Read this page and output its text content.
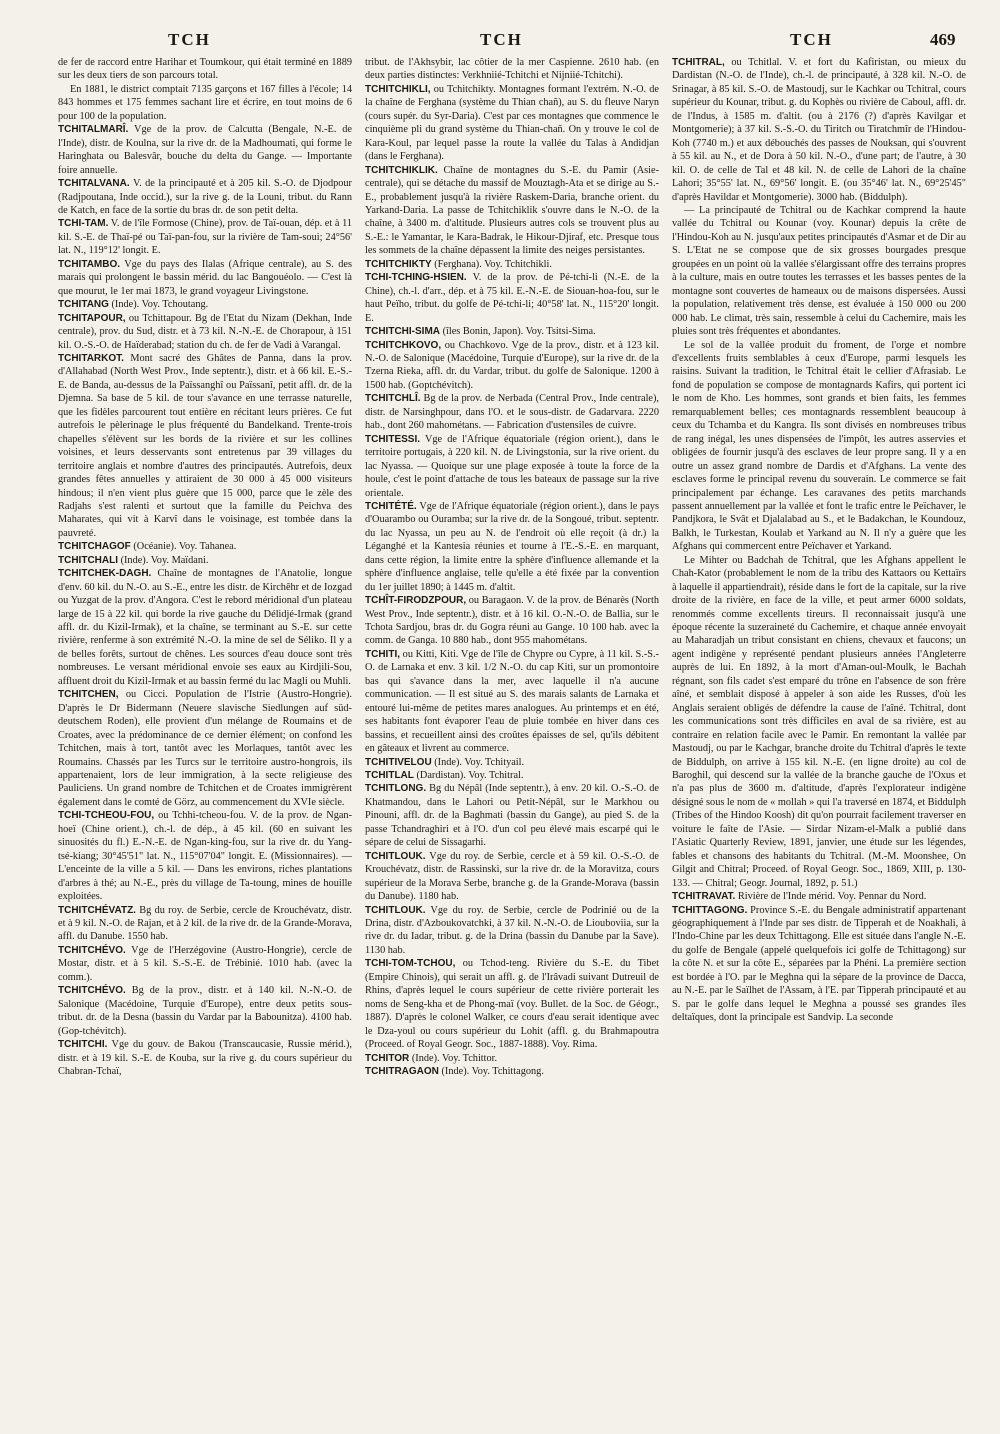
TCH	TCH	TCH	469

de fer de raccord entre Harihar et Toumkour, qui était terminé en 1889 sur les deux tiers de son parcours total.

En 1881, le district comptait 7135 garçons et 167 filles à l'école; 14 843 hommes et 175 femmes sachant lire et écrire, en tout moins de 6 pour 100 de la population.

TCHITALMARÎ. Vge de la prov. de Calcutta (Bengale, N.-E. de l'Inde), distr. de Koulna, sur la rive dr. de la Madhoumati, qui forme le Haringhata ou Balesvâr, bouche du delta du Gange. — Importante foire annuelle.

TCHITALVANA. V. de la principauté et à 205 kil. S.-O. de Djodpour (Radjpoutana, Inde occid.), sur la rive g. de la Louni, tribut. du Rann de Katch, en face de la sortie du bras dr. de son petit delta.

TCHI-TAM. V. de l'île Formose (Chine), prov. de Taï-ouan, dép. et à 11 kil. S.-E. de Thaï-pé ou Taï-pan-fou, sur la rivière de Tam-soui; 24°56' lat. N., 119°12' longit. E.

TCHITAMBO. Vge du pays des Ilalas (Afrique centrale), au S. des marais qui prolongent le bassin mérid. du lac Bangouéolo. — C'est là que mourut, le 1er mai 1873, le grand voyageur Livingstone.

TCHITANG (Inde). Voy. Tchoutang.

TCHITAPOUR, ou Tchittapour. Bg de l'Etat du Nizam (Dekhan, Inde centrale), prov. du Sud, distr. et à 73 kil. N.-N.-E. de Chorapour, à 151 kil. O.-S.-O. de Haïderabad; station du ch. de fer de Vadi à Varangal.

TCHITARKOT. Mont sacré des Ghâtes de Panna, dans la prov. d'Allahabad (North West Prov., Inde septentr.), distr. et à 66 kil. E.-S.-E. de Banda, au-dessus de la Païssanghî ou Païssanî, petit affl. dr. de la Djemna. Sa base de 5 kil. de tour s'avance en une terrasse naturelle, que les fidèles parcourent tout entière en récitant leurs prières. Ce fut autrefois le pèlerinage le plus fréquenté du Bandelkand. Trente-trois chapelles s'élèvent sur les bords de la rivière et sur les collines voisines, et leurs desservants sont entretenus par 39 villages du territoire anglais et nombre d'autres des principautés. Autrefois, deux grandes fêtes annuelles y attiraient de 30 000 à 45 000 visiteurs hindous; il n'en vient plus guère que 15 000, parce que le zèle des Radjahs s'est ralenti et surtout que la famille du Peichva des Maharates, qui vit à Karvî dans le voisinage, est tombée dans la pauvreté.

TCHITCHAGOF (Océanie). Voy. Tahanea.

TCHITCHALI (Inde). Voy. Maïdani.

TCHITCHEK-DAGH. Chaîne de montagnes de l'Anatolie, longue d'env. 60 kil. du N.-O. au S.-E., entre les distr. de Kirchêhr et de Iozgad ou Yuzgat de la prov. d'Angora. C'est le rebord méridional d'un plateau large de 15 à 22 kil. qui borde la rive gauche du Délidjé-Irmak (grand affl. dr. du Kizil-Irmak), et la chaîne, se terminant au S.-E. sur cette rivière, renferme à son extrémité N.-O. la mine de sel de Séliko. Il y a de belles forêts, surtout de chênes. Les sources d'eau douce sont très nombreuses. Le versant méridional envoie ses eaux au Kirdjili-Sou, affluent droit du Kizil-Irmak et au bassin fermé du lac Magli ou Muhli.

TCHITCHEN, ou Cicci. Population de l'Istrie (Austro-Hongrie). D'après le Dr Bidermann (Neuere slavische Siedlungen auf süd-deutschem Roden), elle provient d'un mélange de Roumains et de Croates, avec la prédominance de ce dernier élément; on confond les Tchitchen, mais à tort, tantôt avec les Morlaques, tantôt avec les Roumains. Chassés par les Turcs sur le territoire austro-hongrois, ils appartenaient, lors de leur immigration, à la secte religieuse des Pauliciens. Un grand nombre de Tchitchen et de Croates immigrèrent également dans le comté de Görz, au commencement du XVIe siècle.

TCHI-TCHEOU-FOU, ou Tchhi-tcheou-fou. V. de la prov. de Ngan-hoeï (Chine orient.), ch.-l. de dép., à 45 kil. (60 en suivant les sinuosités du fl.) E.-N.-E. de Ngan-king-fou, sur la rive dr. du Yang-tsé-kiang; 30°45'51" lat. N., 115°07'04" longit. E. (Missionnaires). — L'enceinte de la ville a 5 kil. — Dans les environs, riches plantations d'arbres à thé; au N.-E., près du village de Ta-toung, mines de houille exploitées.

TCHITCHÉVATZ. Bg du roy. de Serbie, cercle de Krouchévatz, distr. et à 9 kil. N.-O. de Rajan, et à 2 kil. de la rive dr. de la Grande-Morava, affl. du Danube. 1550 hab.

TCHITCHÉVO. Vge de l'Herzégovine (Austro-Hongrie), cercle de Mostar, distr. et à 5 kil. S.-S.-E. de Trébinié. 1010 hab. (avec la comm.).

TCHITCHÉVO. Bg de la prov., distr. et à 140 kil. N.-N.-O. de Salonique (Macédoine, Turquie d'Europe), entre deux petits sous-tribut. dr. de la Desna (bassin du Vardar par la Babounitza). 4100 hab. (Gop-tchévitch).

TCHITCHI. Vge du gouv. de Bakou (Transcaucasie, Russie mérid.), distr. et à 19 kil. S.-E. de Kouba, sur la rive g. du cours supérieur du Chabran-Tchaï,

tribut. de l'Akhsybir, lac côtier de la mer Caspienne. 2610 hab. (en deux parties distinctes: Verkhniié-Tchitchi et Nijniié-Tchitchi).

TCHITCHIKLI, ou Tchitchikty. Montagnes formant l'extrém. N.-O. de la chaîne de Ferghana (système du Thian chañ), au S. du fleuve Naryn (cours supér. du Syr-Daria). C'est par ces montagnes que commence le cinquième pli du grand système du Thian-chañ. On y trouve le col de Kara-Koul, par lequel passe la route la vallée du Talas à Andidjan (dans le Ferghana).

TCHITCHIKLIK. Chaîne de montagnes du S.-E. du Pamir (Asie-centrale), qui se détache du massif de Mouztagh-Ata et se dirige au S.-E., probablement jusqu'à la rivière Raskem-Daria, branche orient. du Yarkand-Daria. La passe de Tchitchiklik s'ouvre dans le N.-O. de la chaîne, à 3400 m. d'altitude. Plusieurs autres cols se trouvent plus au S.-E.: le Yamantar, le Kara-Badrak, le Hikour-Djiraf, etc. Presque tous les sommets de la chaîne dépassent la limite des neiges persistantes.

TCHITCHIKTY (Ferghana). Voy. Tchitchikli.

TCHI-TCHING-HSIEN. V. de la prov. de Pé-tchi-li (N.-E. de la Chine), ch.-l. d'arr., dép. et à 75 kil. E.-N.-E. de Siouan-hoa-fou, sur le haut Peïho, tribut. du golfe de Pé-tchi-li; 40°58' lat. N., 115°20' longit. E.

TCHITCHI-SIMA (îles Bonin, Japon). Voy. Tsitsi-Sima.

TCHITCHKOVO, ou Chachkovo. Vge de la prov., distr. et à 123 kil. N.-O. de Salonique (Macédoine, Turquie d'Europe), sur la rive dr. de la Tzerna Rieka, affl. dr. du Vardar, tribut. du golfe de Salonique. 1200 à 1500 hab. (Goptchévitch).

TCHITCHLÎ. Bg de la prov. de Nerbada (Central Prov., Inde centrale), distr. de Narsinghpour, dans l'O. et le sous-distr. de Gadarvara. 2220 hab., dont 260 mahométans. — Fabrication d'ustensiles de cuivre.

TCHITESSI. Vge de l'Afrique équatoriale (région orient.), dans le territoire portugais, à 220 kil. N. de Livingstonia, sur la rive orient. du lac Nyassa. — Quoique sur une plage exposée à toute la force de la houle, c'est le point d'attache de tous les bateaux de passage sur la rive orientale.

TCHITÉTÉ. Vge de l'Afrique équatoriale (région orient.), dans le pays d'Ouarambo ou Ouramba; sur la rive dr. de la Songoué, tribut. septentr. du lac Nyassa, un peu au N. de l'endroit où elle reçoit (à dr.) la Léganghé et la Kantesia réunies et tourne à l'E.-S.-E. en marquant, dans cette région, la limite entre la sphère d'influence allemande et la sphère d'influence anglaise, telle qu'elle a été fixée par la convention du 1er juillet 1890; à 1445 m. d'altit.

TCHÎT-FIRODZPOUR, ou Baragaon. V. de la prov. de Bénarès (North West Prov., Inde septentr.), distr. et à 16 kil. O.-N.-O. de Ballia, sur le Tchota Sardjou, bras dr. du Gogra réuni au Gange. 10 100 hab. avec la comm. de Ganga. 10 880 hab., dont 955 mahométans.

TCHITI, ou Kitti, Kiti. Vge de l'île de Chypre ou Cypre, à 11 kil. S.-S.-O. de Larnaka et env. 3 kil. 1/2 N.-O. du cap Kiti, sur un promontoire bas qui s'avance dans la mer, avec laquelle il n'a aucune communication. — Il est situé au S. des marais salants de Larnaka et entouré lui-même de petites mares analogues. Au printemps et en été, ses habitants font évaporer l'eau de pluie tombée en hiver dans ces bassins, et recueillent ainsi des croûtes épaisses de sel, qu'ils débitent en gâteaux et livrent au commerce.

TCHITIVELOU (Inde). Voy. Tchityail.

TCHITLAL (Dardistan). Voy. Tchitral.

TCHITLONG. Bg du Népâl (Inde septentr.), à env. 20 kil. O.-S.-O. de Khatmandou, dans le Lahori ou Petit-Népâl, sur le Markhou ou Pinouni, affl. dr. de la Baghmati (bassin du Gange), au pied S. de la passe Tchandraghiri et à l'O. d'un col peu élevé mais escarpé qui le sépare de celui de Sissagarhi.

TCHITLOUK. Vge du roy. de Serbie, cercle et à 59 kil. O.-S.-O. de Krouchévatz, distr. de Rassinski, sur la rive dr. de la Moravitza, cours supérieur de la Morava Serbe, branche g. de la Grande-Morava (bassin du Danube). 1180 hab.

TCHITLOUK. Vge du roy. de Serbie, cercle de Podrinié ou de la Drina, distr. d'Azboukovatchki, à 37 kil. N.-N.-O. de Liouboviia, sur la rive dr. du Iadar, tribut. g. de la Drina (bassin du Danube par la Save). 1130 hab.

TCHI-TOM-TCHOU, ou Tchod-teng. Rivière du S.-E. du Tibet (Empire Chinois), qui serait un affl. g. de l'Irâvadi suivant Dutreuil de Rhins, d'après lequel le cours supérieur de cette rivière porterait les noms de Seng-kha et de Phong-maï (voy. Bullet. de la Soc. de Géogr., 1887). D'après le colonel Walker, ce cours d'eau serait identique avec le Dza-youl ou cours supérieur du Lohit (affl. g. du Brahmapoutra (Proceed. of Royal Geogr. Soc., 1887-1888). Voy. Rima.

TCHITOR (Inde). Voy. Tchittor.

TCHITRAGAON (Inde). Voy. Tchittagong.

TCHITRAL, ou Tchitlal. V. et fort du Kafiristan, ou mieux du Dardistan (N.-O. de l'Inde), ch.-l. de principauté, à 328 kil. N.-O. de Srinagar, à 85 kil. S.-O. de Mastoudj, sur le Kachkar ou Tchitral, cours supérieur du Kounar, tribut. g. du Kophès ou rivière de Caboul, affl. dr. de l'Indus, à 1585 m. d'altit. (ou à 2176 (?) d'après Kavilgar et Montgomerie); à 37 kil. S.-S.-O. du Tiritch ou Tiratchmîr de l'Hindou-Koh (7740 m.) et aux débouchés des passes de Nouksan, qui s'ouvrent à 55 kil. au N., et de Dora à 50 kil. N.-O., d'une part; de l'autre, à 30 kil. O. de celle de Tal et 48 kil. N. de celle de Lahori de la chaîne Lahori; 35°55' lat. N., 69°56' longit. E. (ou 35°46' lat. N., 69°25'45" d'après Havildar et Montgomerie). 3000 hab. (Biddulph).

— La principauté de Tchitral ou de Kachkar comprend la haute vallée du Tchitral ou Kounar (voy. Kounar) depuis la crête de l'Hindou-Koh au N. jusqu'aux petites principautés d'Asmar et de Dir au S. L'Etat ne se compose que de six grosses bourgades presque groupées en un point où la vallée s'élargissant offre des terrains propres à la culture, mais en outre toutes les terrasses et les basses pentes de la montagne sont couvertes de hameaux ou de maisons dispersées. Aussi la population, relativement très dense, est évaluée à 150 000 ou 200 000 hab. Le climat, très sain, ressemble à celui du Cachemire, mais les pluies sont très fréquentes et abondantes.

Le sol de la vallée produit du froment, de l'orge et nombre d'excellents fruits semblables à ceux d'Europe, parmi lesquels les raisins. Suivant la tradition, le Tchitral était le cellier d'Afrasiab. Le fond de population se compose de montagnards Kafirs, qui portent ici le nom de Kho. Les hommes, sont grands et bien faits, les femmes remarquablement belles; ces montagnards ressemblent beaucoup à ceux du Tchamba et du Kangra. Ils sont divisés en nombreuses tribus de rang inégal, les unes dispensées de l'impôt, les autres asservies et obligées de fournir jusqu'à des esclaves de leur propre sang. Il y a en outre un assez grand nombre de Dardis et d'Afghans. La vente des esclaves forme le principal revenu du souverain. Le commerce se fait principalement par échange. Les caravanes des petits marchands passent annuellement par la vallée et font le trafic entre le Peïchaver, le Pandjkora, le Svât et Djalalabad au S., et le Badakchan, le Koundouz, Balkh, le Turkestan, Koulab et Yarkand au N. Il n'y a guère que les Afghans qui commercent entre Peïchaver et Yarkand.

Le Mihter ou Badchah de Tchitral, que les Afghans appellent le Chah-Kator (probablement le nom de la tribu des Kattaors ou Kettaïrs à laquelle il appartiendrait), réside dans le fort de la capitale, sur la rive droite de la rivière, en face de la ville, et peut armer 6000 soldats, renommés comme excellents tireurs. Il reconnaissait jusqu'à une époque récente la suzeraineté du Cachemire, et chaque année envoyait au Maharadjah un tribut consistant en chiens, chevaux et faucons; un agent indigène y représenté pendant plusieurs années l'Angleterre auprès de lui. En 1892, à la mort d'Aman-oul-Moulk, le Bachah régnant, son fils cadet s'est emparé du trône en l'absence de son frère aîné, et semblait disposé à appeler à son aide les Russes, d'où les Anglais seraient obligés de défendre la cause de l'aîné. Tchitral, dont les communications sont très difficiles en aval de sa rivière, est au contraire en relation facile avec le Pamir. En remontant la vallée par Mastoudj, ou par le Kachgar, branche droite du Tchitral d'après le texte de Biddulph, on arrive à 155 kil. N.-E. (en ligne droite) au col de Baroghil, qui descend sur la vallée de la branche gauche de l'Oxus et n'a pas plus de 3600 m. d'altitude, d'après l'explorateur indigène désigné sous le nom de « mollah » qui l'a traversé en 1874, et Biddulph (Tribes of the Hindoo Koosh) dit qu'on pourrait facilement traverser en voiture le faîte de l'Asie. — Sirdar Nizam-el-Malk a publié dans l'Asiatic Quarterly Review, 1891, janvier, une étude sur les légendes, fables et chansons des habitants du Tchitral. (M.-M. Moonshee, On Gilgit and Chitral; Proceed. of Royal Geogr. Soc., 1869, XIII, p. 130-133. — Chitral; Geogr. Journal, 1892, p. 51.)

TCHITRAVAT. Rivière de l'Inde mérid. Voy. Pennar du Nord.

TCHITTAGONG. Province S.-E. du Bengale administratif appartenant géographiquement à l'Inde par ses distr. de Tipperah et de Noakhali, à l'Indo-Chine par les deux Tchittagong. Elle est située dans l'angle N.-E. du golfe de Bengale (appelé quelquefois ici golfe de Tchittagong) sur la côte N. et sur la côte E., séparées par la Phéni. La première section est bordée à l'O. par le Meghna qui la sépare de la province de Dacca, au N.-E. par le Saïlhet de l'Assam, à l'E. par Tipperah principauté et au S. par le golfe dans lequel le Meghna a poussé ses grandes îles deltaïques, dont la principale est Sandvip. La seconde
